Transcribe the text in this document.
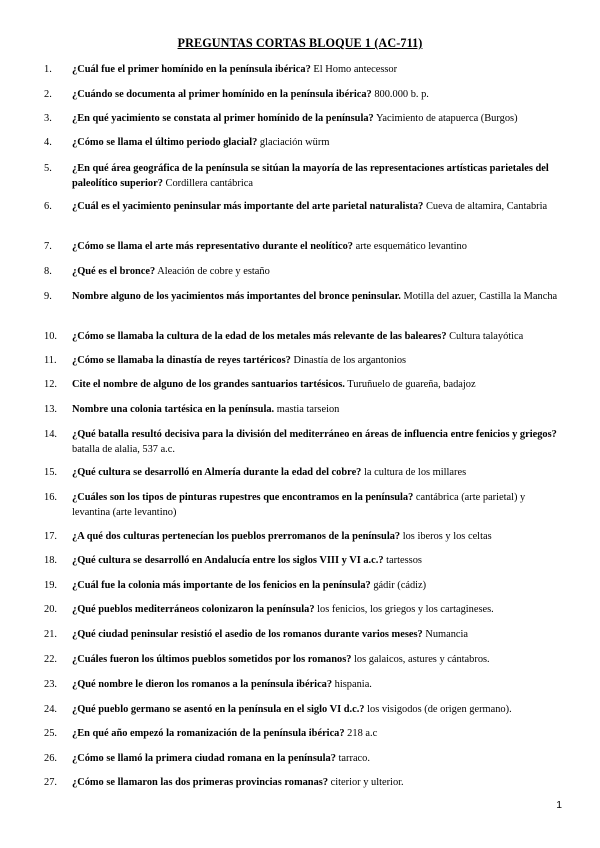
PREGUNTAS CORTAS BLOQUE 1 (AC-711)
1.	¿Cuál fue el primer homínido en la península ibérica? El Homo antecessor
2.	¿Cuándo se documenta al primer homínido en la península ibérica? 800.000 b. p.
3.	¿En qué yacimiento se constata al primer homínido de la península? Yacimiento de atapuerca (Burgos)
4.	¿Cómo se llama el último periodo glacial? glaciación würm
5.	¿En qué área geográfica de la península se sitúan la mayoría de las representaciones artísticas parietales del paleolítico superior? Cordillera cantábrica
6.	¿Cuál es el yacimiento peninsular más importante del arte parietal naturalista? Cueva de altamira, Cantabria
7.	¿Cómo se llama el arte más representativo durante el neolítico? arte esquemático levantino
8.	¿Qué es el bronce? Aleación de cobre y estaño
9.	Nombre alguno de los yacimientos más importantes del bronce peninsular. Motilla del azuer, Castilla la Mancha
10.	¿Cómo se llamaba la cultura de la edad de los metales más relevante de las baleares? Cultura talayótica
11.	¿Cómo se llamaba la dinastía de reyes tartéricos? Dinastía de los argantonios
12.	Cite el nombre de alguno de los grandes santuarios tartésicos. Turuñuelo de guareña, badajoz
13.	Nombre una colonia tartésica en la península. mastia tarseion
14.	¿Qué batalla resultó decisiva para la división del mediterráneo en áreas de influencia entre fenicios y griegos? batalla de alalia, 537 a.c.
15.	¿Qué cultura se desarrolló en Almería durante la edad del cobre? la cultura de los millares
16.	¿Cuáles son los tipos de pinturas rupestres que encontramos en la península? cantábrica (arte parietal) y levantina (arte levantino)
17.	¿A qué dos culturas pertenecían los pueblos prerromanos de la península? los iberos y los celtas
18.	¿Qué cultura se desarrolló en Andalucía entre los siglos VIII y VI a.c.? tartessos
19.	¿Cuál fue la colonia más importante de los fenicios en la península? gádir (cádiz)
20.	¿Qué pueblos mediterráneos colonizaron la península? los fenicios, los griegos y los cartagineses.
21.	¿Qué ciudad peninsular resistió el asedio de los romanos durante varios meses? Numancia
22.	¿Cuáles fueron los últimos pueblos sometidos por los romanos? los galaicos, astures y cántabros.
23.	¿Qué nombre le dieron los romanos a la península ibérica? hispania.
24.	¿Qué pueblo germano se asentó en la península en el siglo VI d.c.? los visigodos (de origen germano).
25.	¿En qué año empezó la romanización de la península ibérica? 218 a.c
26.	¿Cómo se llamó la primera ciudad romana en la península? tarraco.
27.	¿Cómo se llamaron las dos primeras provincias romanas? citerior y ulterior.
1
